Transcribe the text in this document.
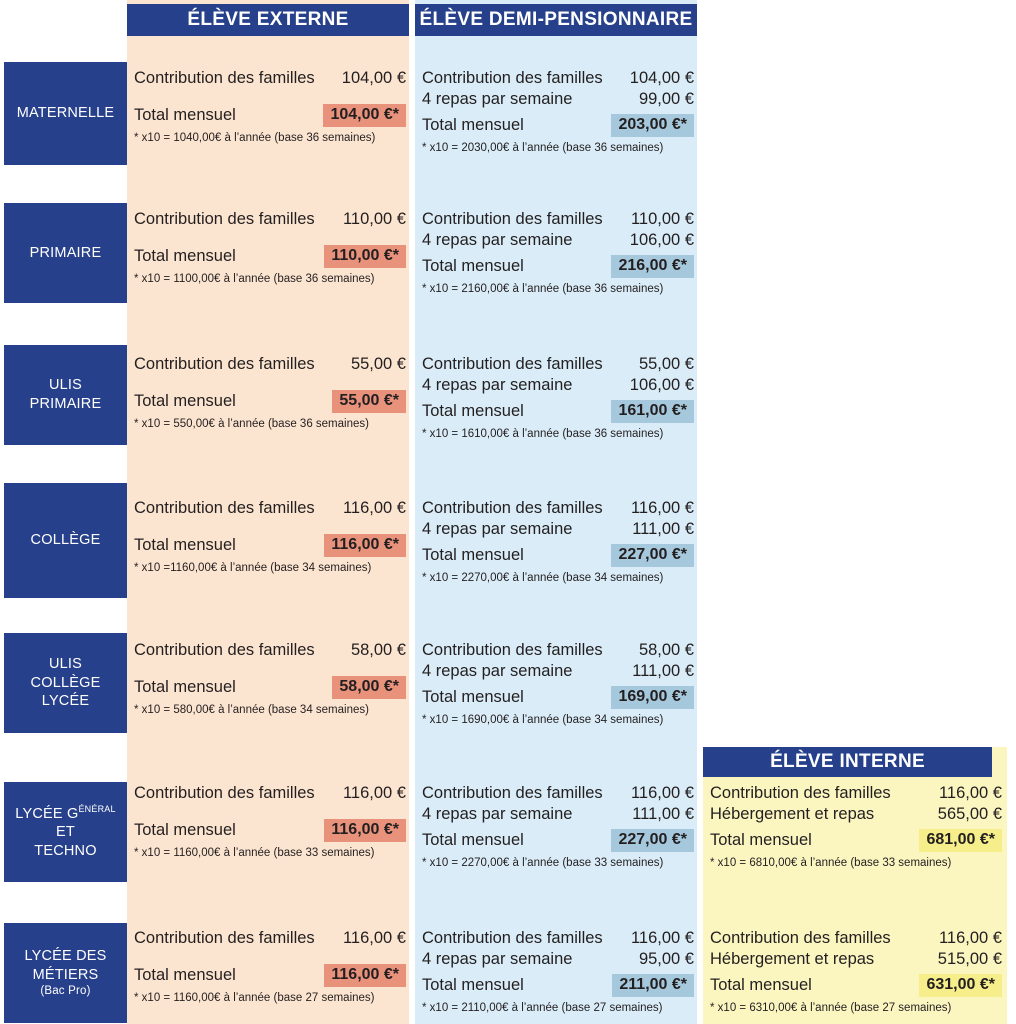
ÉLÈVE EXTERNE	ÉLÈVE DEMI-PENSIONNAIRE
ÉLÈVE INTERNE
MATERNELLE
Contribution des familles	104,00 €
Total mensuel	104,00 €*
* x10 = 1040,00€ à l’année (base 36 semaines)
Contribution des familles	104,00 €
4 repas par semaine	99,00 €
Total mensuel	203,00 €*
* x10 = 2030,00€ à l’année (base 36 semaines)
PRIMAIRE
Contribution des familles	110,00 €
Total mensuel	110,00 €*
* x10 = 1100,00€ à l’année (base 36 semaines)
Contribution des familles	110,00 €
4 repas par semaine	106,00 €
Total mensuel	216,00 €*
* x10 = 2160,00€ à l’année (base 36 semaines)
ULIS
PRIMAIRE
Contribution des familles	55,00 €
Total mensuel	55,00 €*
* x10 = 550,00€ à l’année (base 36 semaines)
Contribution des familles	55,00 €
4 repas par semaine	106,00 €
Total mensuel	161,00 €*
* x10 = 1610,00€ à l’année (base 36 semaines)
COLLÈGE
Contribution des familles	116,00 €
Total mensuel	116,00 €*
* x10 =1160,00€ à l’année (base 34 semaines)
Contribution des familles	116,00 €
4 repas par semaine	111,00 €
Total mensuel	227,00 €*
* x10 = 2270,00€ à l’année (base 34 semaines)
ULIS
COLLÈGE
LYCÉE
Contribution des familles	58,00 €
Total mensuel	58,00 €*
* x10 = 580,00€ à l’année (base 34 semaines)
Contribution des familles	58,00 €
4 repas par semaine	111,00 €
Total mensuel	169,00 €*
* x10 = 1690,00€ à l’année (base 34 semaines)
LYCÉE $G^{ÉNÉRAL}$
ET
TECHNO
Contribution des familles	116,00 €
Total mensuel	116,00 €*
* x10 = 1160,00€ à l’année (base 33 semaines)
Contribution des familles	116,00 €
4 repas par semaine	111,00 €
Total mensuel	227,00 €*
* x10 = 2270,00€ à l’année (base 33 semaines)
Contribution des familles	116,00 €
Hébergement et repas	565,00 €
Total mensuel	681,00 €*
* x10 = 6810,00€ à l’année (base 33 semaines)
LYCÉE DES
MÉTIERS
(Bac Pro)
Contribution des familles	116,00 €
Total mensuel	116,00 €*
* x10 = 1160,00€ à l’année (base 27 semaines)
Contribution des familles	116,00 €
4 repas par semaine	95,00 €
Total mensuel	211,00 €*
* x10 = 2110,00€ à l’année (base 27 semaines)
Contribution des familles	116,00 €
Hébergement et repas	515,00 €
Total mensuel	631,00 €*
* x10 = 6310,00€ à l’année (base 27 semaines)
